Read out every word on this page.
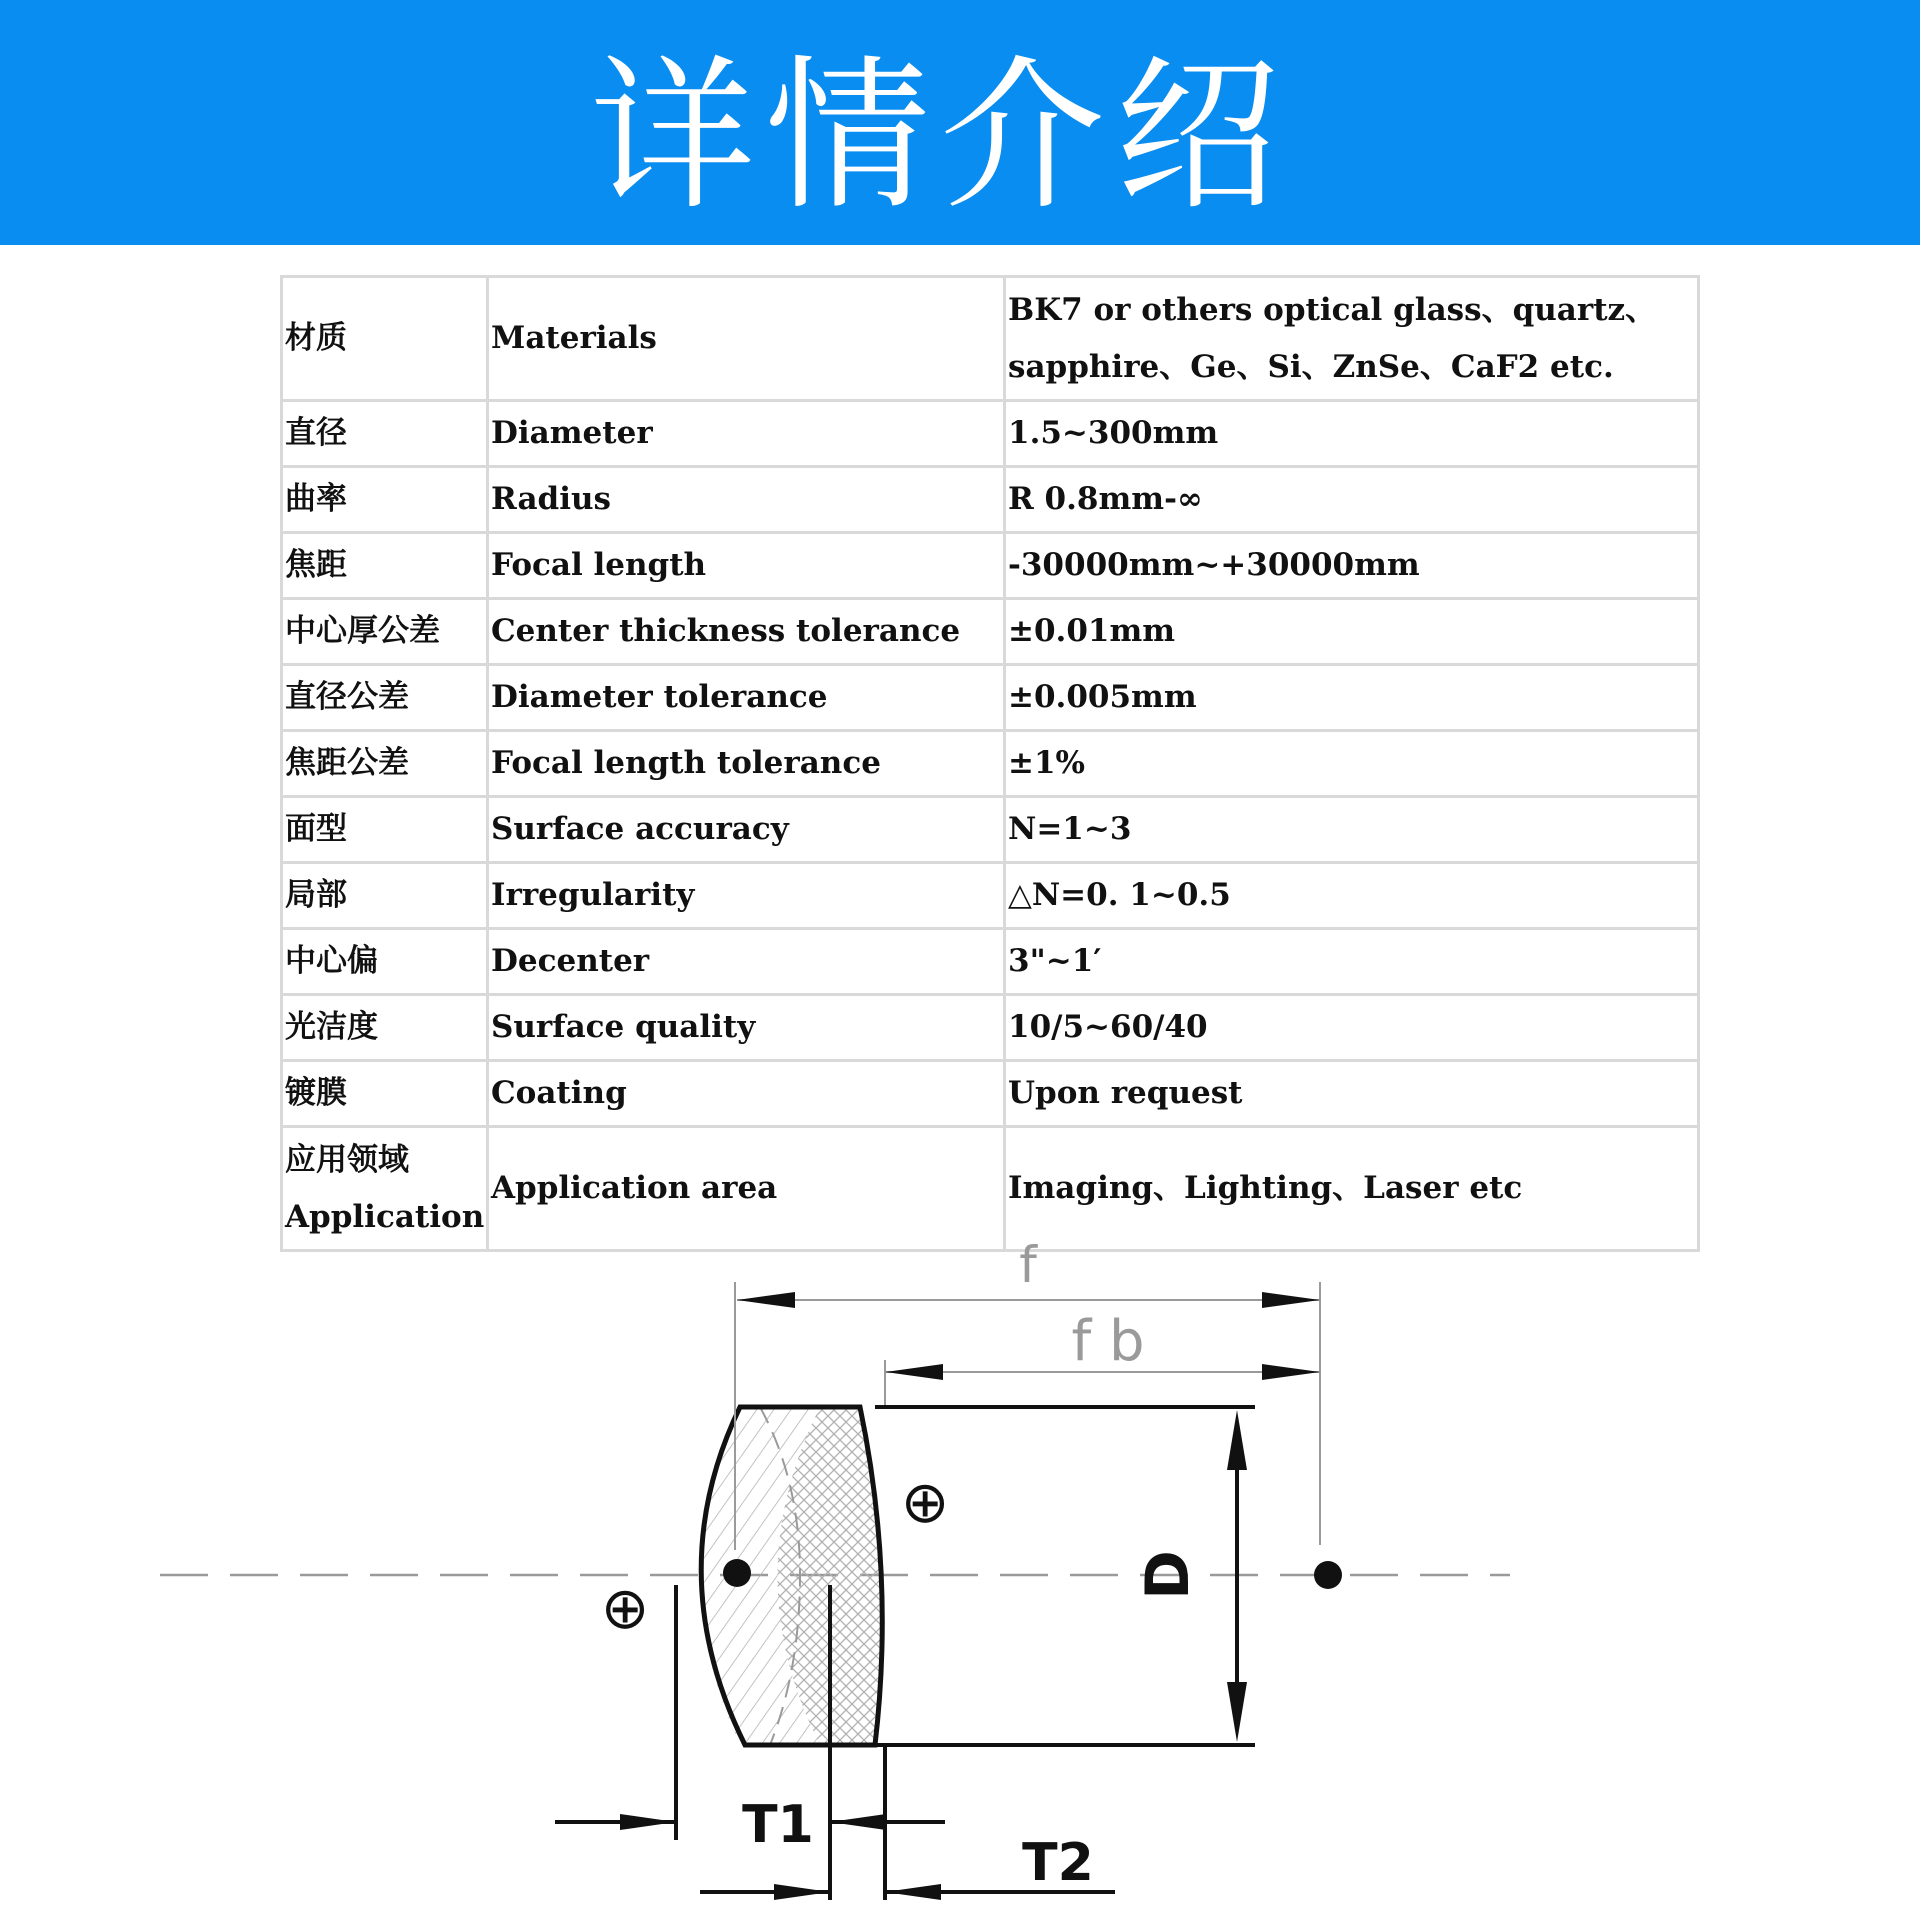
详情介绍
材质	Materials	BK7 or others optical glass、quartz、sapphire、Ge、Si、ZnSe、CaF2 etc.
直径	Diameter	1.5~300mm
曲率	Radius	R 0.8mm-∞
焦距	Focal length	-30000mm~+30000mm
中心厚公差	Center thickness tolerance	±0.01mm
直径公差	Diameter tolerance	±0.005mm
焦距公差	Focal length tolerance	±1%
面型	Surface accuracy	N=1~3
局部	Irregularity	△N=0. 1~0.5
中心偏	Decenter	3"~1′
光洁度	Surface quality	10/5~60/40
镀膜	Coating	Upon request
应用领域 Application	Application area	Imaging、Lighting、Laser etc
f
f b
D
T1
T2
⊕
⊕
